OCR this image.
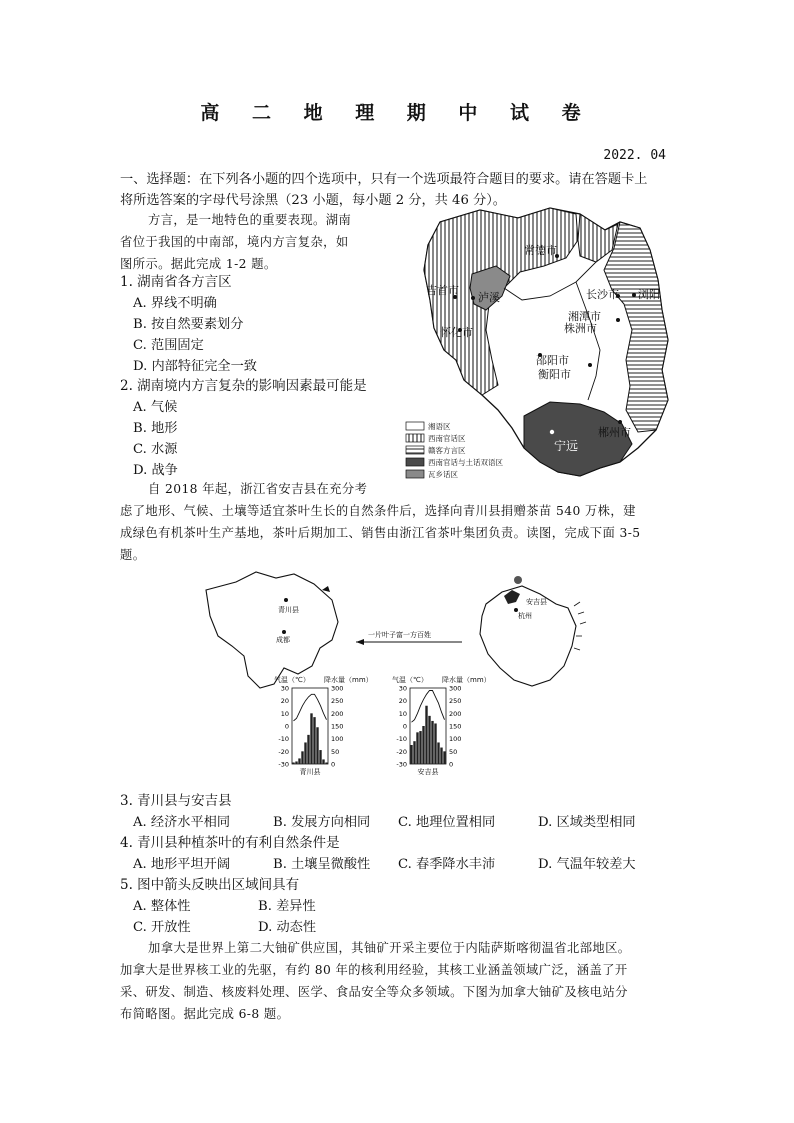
高 二 地 理 期 中 试 卷
2022. 04
一、选择题：在下列各小题的四个选项中，只有一个选项最符合题目的要求。请在答题卡上
将所选答案的字母代号涂黑（23 小题，每小题 2 分，共 46 分）。
方言，是一地特色的重要表现。湖南
省位于我国的中南部，境内方言复杂，如
图所示。据此完成 1-2 题。
1. 湖南省各方言区
A. 界线不明确
B. 按自然要素划分
C. 范围固定
D. 内部特征完全一致
2. 湖南境内方言复杂的影响因素最可能是
A. 气候
B. 地形
C. 水源
D. 战争
常德市
吉首市
泸溪	长沙市 浏阳
湘潭市
株洲市
怀化市
邵阳市
衡阳市
宁远
郴州市
湘语区
西南官话区
赣客方言区
西南官话与土话双语区
瓦乡话区
自 2018 年起，浙江省安吉县在充分考
虑了地形、气候、土壤等适宜茶叶生长的自然条件后，选择向青川县捐赠茶苗 540 万株，建
成绿色有机茶叶生产基地，茶叶后期加工、销售由浙江省茶叶集团负责。读图，完成下面 3-5
题。
青川县
成都
一片叶子富一方百姓
安吉县
杭州
气温（℃） 降水量（mm）	气温（℃） 降水量（mm）
30
20
10
0
-10
-20
-30
300
250
200
150
100
50
0
青川县
30
20
10
0
-10
-20
-30
300
250
200
150
100
50
0
安吉县
3. 青川县与安吉县
A. 经济水平相同	B. 发展方向相同 C. 地理位置相同	D. 区域类型相同
4. 青川县种植茶叶的有利自然条件是
A. 地形平坦开阔	B. 土壤呈微酸性 C. 春季降水丰沛	D. 气温年较差大
5. 图中箭头反映出区域间具有
A. 整体性	B. 差异性
C. 开放性	D. 动态性
加拿大是世界上第二大铀矿供应国，其铀矿开采主要位于内陆萨斯喀彻温省北部地区。
加拿大是世界核工业的先驱，有约 80 年的核利用经验，其核工业涵盖领域广泛，涵盖了开
采、研发、制造、核废料处理、医学、食品安全等众多领域。下图为加拿大铀矿及核电站分
布简略图。据此完成 6-8 题。
